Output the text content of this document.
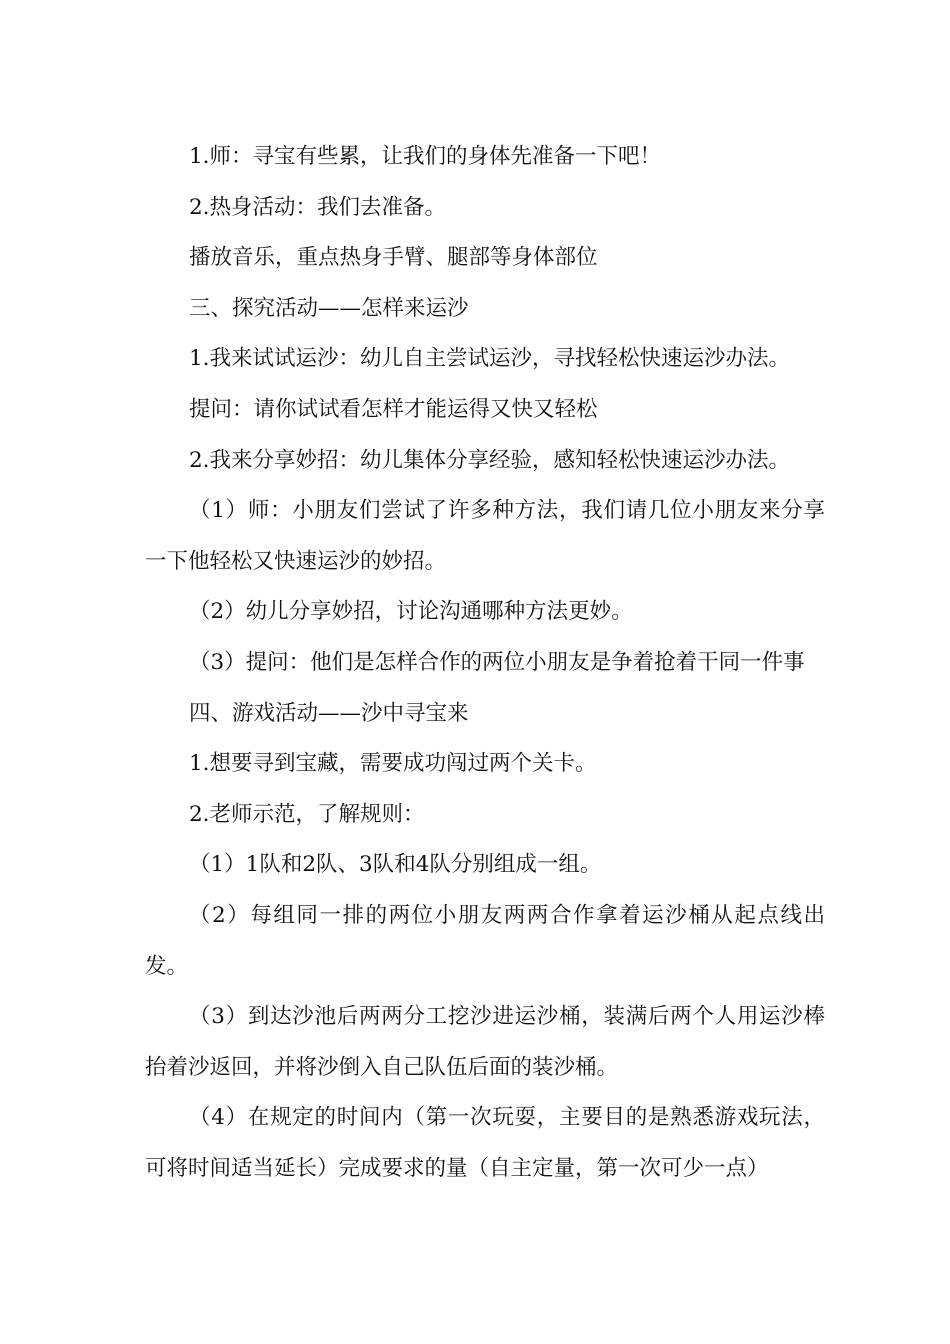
1.师：寻宝有些累，让我们的身体先准备一下吧！

2.热身活动：我们去准备。

播放音乐，重点热身手臂、腿部等身体部位

三、探究活动——怎样来运沙

1.我来试试运沙：幼儿自主尝试运沙，寻找轻松快速运沙办法。

提问：请你试试看怎样才能运得又快又轻松

2.我来分享妙招：幼儿集体分享经验，感知轻松快速运沙办法。

（1）师：小朋友们尝试了许多种方法，我们请几位小朋友来分享一下他轻松又快速运沙的妙招。

（2）幼儿分享妙招，讨论沟通哪种方法更妙。

（3）提问：他们是怎样合作的两位小朋友是争着抢着干同一件事

四、游戏活动——沙中寻宝来

1.想要寻到宝藏，需要成功闯过两个关卡。

2.老师示范，了解规则：

（1）1队和2队、3队和4队分别组成一组。

（2）每组同一排的两位小朋友两两合作拿着运沙桶从起点线出发。

（3）到达沙池后两两分工挖沙进运沙桶，装满后两个人用运沙棒抬着沙返回，并将沙倒入自己队伍后面的装沙桶。

（4）在规定的时间内（第一次玩耍，主要目的是熟悉游戏玩法，可将时间适当延长）完成要求的量（自主定量，第一次可少一点）
